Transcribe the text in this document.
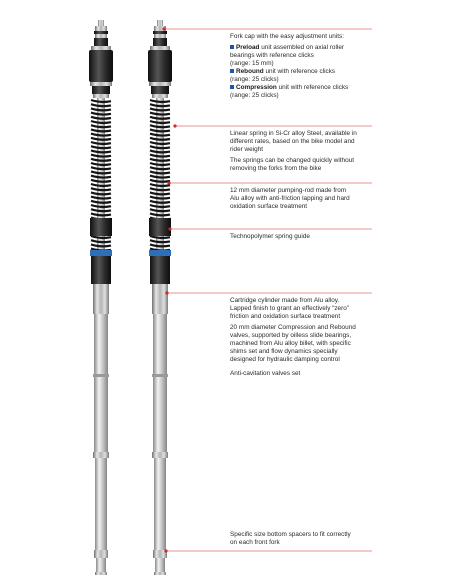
Fork cap with the easy adjustment units:

Preload unit assembled on axial roller
bearings with reference clicks
(range: 15 mm)
Rebound unit with reference clicks
(range: 25 clicks)
Compression unit with reference clicks
(range: 25 clicks)
Linear spring in Si-Cr alloy Steel, available in
different rates, based on the bike model and

rider weight

The springs can be changed quickly without
removing the forks from the bike
12 mm diameter pumping-rod made from
Alu alloy with anti-friction lapping and hard
oxidation surface treatment
Technopolymer spring guide
Cartridge cylinder made from Alu alloy.
Lapped finish to grant an effectively “zero”

friction and oxidation surface treatment

20 mm diameter Compression and Rebound
valves, supported by oilless slide bearings,
machined from Alu alloy billet, with specific
shims set and flow dynamics specially

designed for hydraulic damping control

Anti-cavitation valves set
Specific size bottom spacers to fit correctly
on each front fork
